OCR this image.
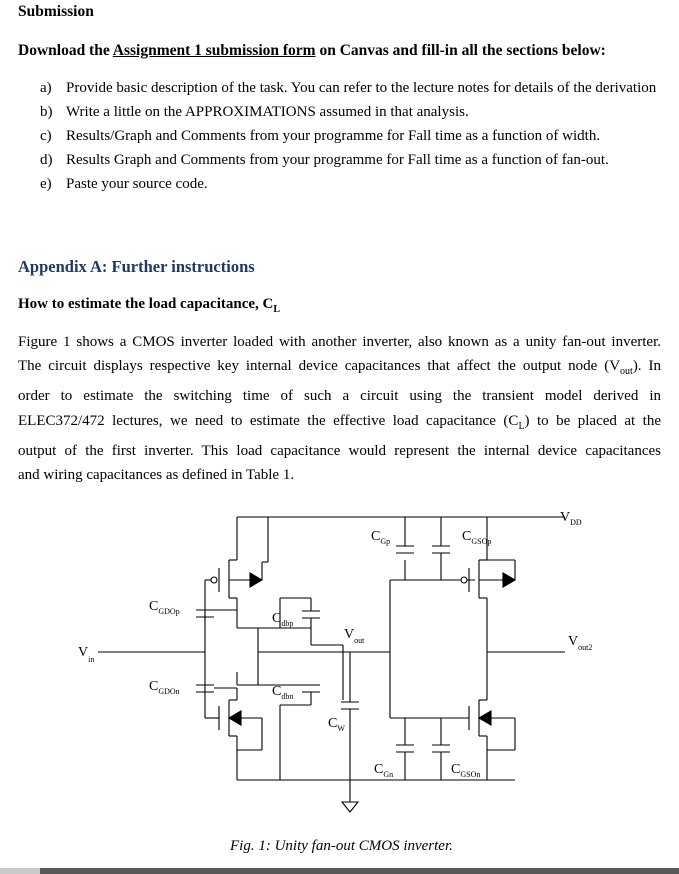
Submission
Download the Assignment 1 submission form on Canvas and fill-in all the sections below:
a) Provide basic description of the task. You can refer to the lecture notes for details of the derivation
b) Write a little on the APPROXIMATIONS assumed in that analysis.
c) Results/Graph and Comments from your programme for Fall time as a function of width.
d) Results Graph and Comments from your programme for Fall time as a function of fan-out.
e) Paste your source code.
Appendix A: Further instructions
How to estimate the load capacitance, $C_L$

Figure 1 shows a CMOS inverter loaded with another inverter, also known as a unity fan-out inverter.

The circuit displays respective key internal device capacitances that affect the output node $(V_{out})$. In

order to estimate the switching time of such a circuit using the transient model derived in

ELEC372/472 lectures, we need to estimate the effective load capacitance $(C_L)$ to be placed at the

output of the first inverter. This load capacitance would represent the internal device capacitances

and wiring capacitances as defined in Table 1.

$V_{DD}$
$V_{in}$
$V_{out}$	$V_{out2}$
$C_{Gp}$	$C_{GSOp}$
$C_{GDOp}$	$C_{dbp}$
$C_{GDOn}$	$C_{dbn}$
$C_W$
$C_{Gn}$	$C_{GSOn}$
Fig. 1: Unity fan-out CMOS inverter.
